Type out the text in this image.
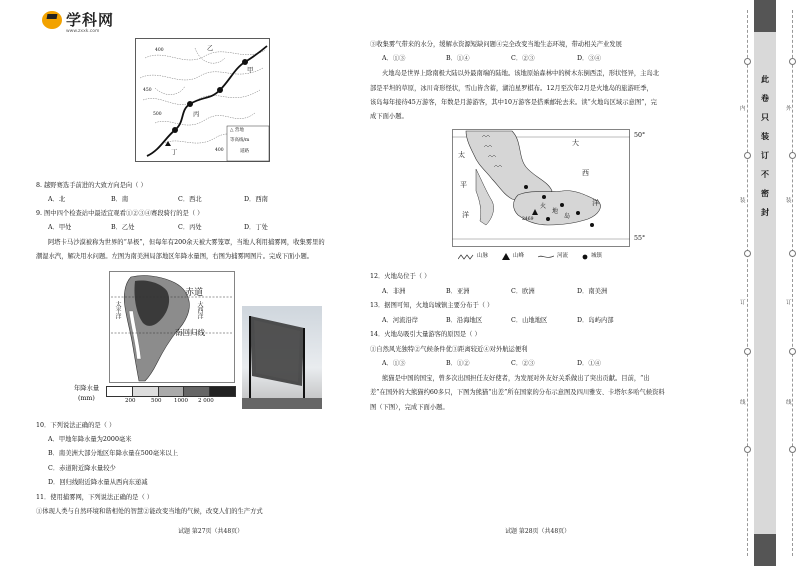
学科网
www.zxxk.com
400
450
500
乙
甲
丙
丁	400
△ 营地
等高线/m
道路
8. 越野赛选手前进的大致方向是向（ ）
A．北	B．南	C．西北	D．西南
9. 图中四个检查站中最适宜观看①②③④赛段骑行的是（ ）
A．甲处	B．乙处	C．丙处	D．丁处
阿塔卡马沙漠被称为世界的“旱极”，但每年有200余天被大雾笼罩，当地人利用捕雾网，收集雾里的
潮湿水汽，解决用水问题。左图为南美洲局部地区年降水量图，右图为捕雾网图片。完成下面小题。
赤道
南回归线
太平洋	大西洋
年降水量
(mm)	200	500 1000 2 000
10．下列说法正确的是（ ）
A．甲地年降水量为2000毫米
B．南美洲大部分地区年降水量在500毫米以上
C．赤道附近降水量较少
D．回归线附近降水量从西向东递减
11．使用捕雾网，下列说法正确的是（ ）
①体现人类与自然环境和谐相处的智慧②能改变当地的气候，改变人们的生产方式
试题 第27页（共48页）
③收集雾气带来的水分，缓解水资源短缺问题④完全改变当地生态环境，带动相关产业发展
A．①③	B．①④	C．②③	D．③④
火地岛是世界上除南极大陆以外最南端的陆地。该地原始森林中的树木东倒西歪，形状怪异，主岛北
部是平坦的草原，冰川奇形怪状，雪山皆含蓄，湖泊星罗棋布。12月至次年2月是火地岛的旅游旺季，
该岛每年接待45万游客，年数是月游游客，其中10万游客是搭乘邮轮去来。读“火地岛区域示意图”，完
成下面小题。
50°
55°
大
西
洋
太
平
洋
2469
火
地
岛
山脉	山峰	河流	城镇
12．火地岛位于（ ）
A．非洲	B．亚洲	C．欧洲	D．南美洲
13．据图可知，火地岛城镇主要分布于（ ）
A．河流沿岸	B．沿海地区	C．山地地区	D．岛屿内部
14．火地岛吸引大量游客的原因是（ ）
①自然风光独特②气候条件优③距离较近④对外航运便利
A．①③	B．①②	C．②③	D．①④
熊猫是中国的国宝，曾多次出国担任友好使者，为发展对外友好关系做出了突出贡献。目前，“出
差”在国外的大熊猫约60多只，下图为熊猫“出差”所在国家的分布示意图及四川雅安、卡塔尔多哈气候资料
图（下图），完成下面小题。
试题 第28页（共48页）
此
卷
只
装
订
不
密
封
内
装
订
线
外
装
订
线
